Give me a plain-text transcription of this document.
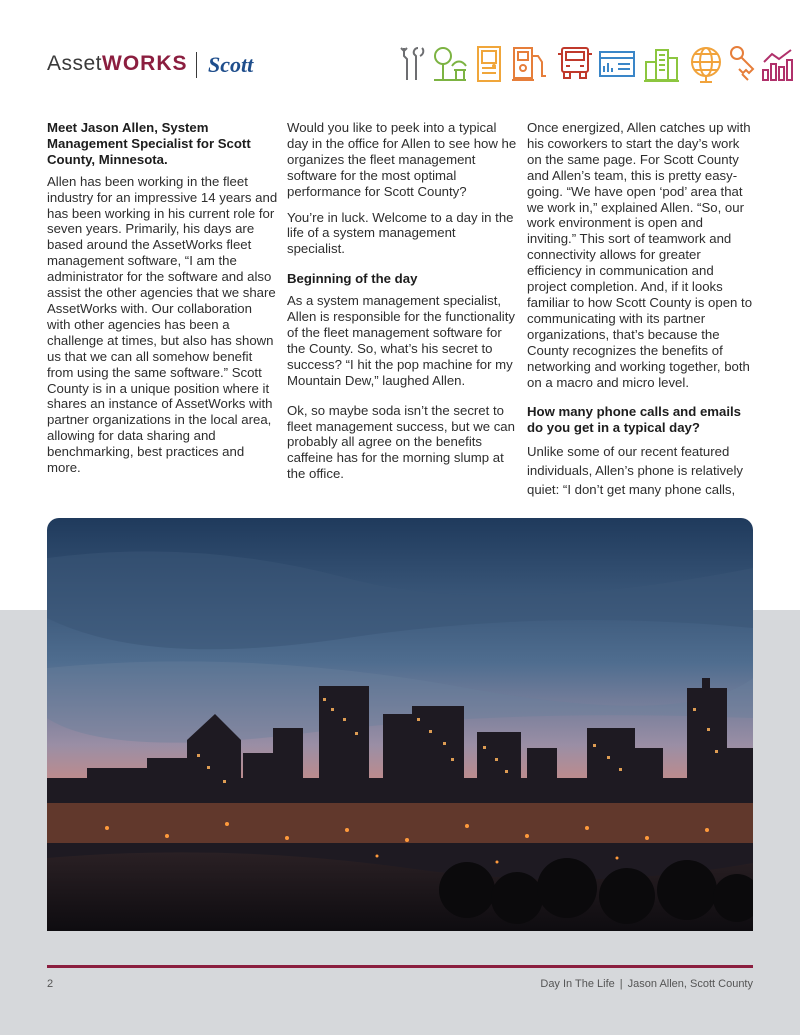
AssetWORKS Scott
Meet Jason Allen, System Management Specialist for Scott County, Minnesota.

Allen has been working in the fleet industry for an impressive 14 years and has been working in his current role for seven years. Primarily, his days are based around the AssetWorks fleet management software, “I am the administrator for the software and also assist the other agencies that we share AssetWorks with. Our collaboration with other agencies has been a challenge at times, but also has shown us that we can all somehow benefit from using the same software.” Scott County is in a unique position where it shares an instance of AssetWorks with partner organizations in the local area, allowing for data sharing and benchmarking, best practices and more.

Would you like to peek into a typical day in the office for Allen to see how he organizes the fleet management software for the most optimal performance for Scott County?

You’re in luck. Welcome to a day in the life of a system management specialist.

Beginning of the day

As a system management specialist, Allen is responsible for the functionality of the fleet management software for the County. So, what’s his secret to success? “I hit the pop machine for my Mountain Dew,” laughed Allen.

Ok, so maybe soda isn’t the secret to fleet management success, but we can probably all agree on the benefits caffeine has for the morning slump at the office.

Once energized, Allen catches up with his coworkers to start the day’s work on the same page. For Scott County and Allen’s team, this is pretty easy-going. “We have open ‘pod’ area that we work in,” explained Allen. “So, our work environment is open and inviting.” This sort of teamwork and connectivity allows for greater efficiency in communication and project completion. And, if it looks familiar to how Scott County is open to communicating with its partner organizations, that’s because the County recognizes the benefits of networking and working together, both on a macro and micro level.

How many phone calls and emails do you get in a typical day?

Unlike some of our recent featured individuals, Allen’s phone is relatively quiet: “I don’t get many phone calls,

2	Day In The Life | Jason Allen, Scott County
